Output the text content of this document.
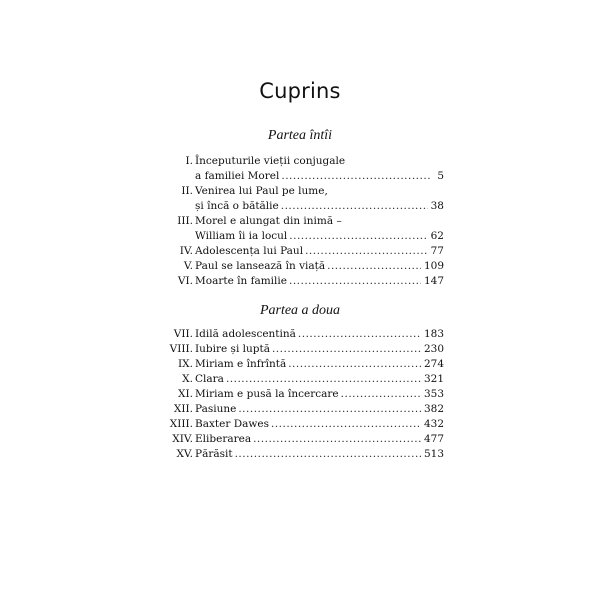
Cuprins
Partea întîi
I. Începuturile vieții conjugale
a familiei Morel .....	5
II. Venirea lui Paul pe lume,
și încă o bătălie .....	38
III. Morel e alungat din inimă –
William îi ia locul .....	62
IV. Adolescența lui Paul .....	77
V. Paul se lansează în viață .....	109
VI. Moarte în familie .....	147
Partea a doua
VII. Idilă adolescentină .....	183
VIII. Iubire și luptă .....	230
IX. Miriam e înfrîntă .....	274
X. Clara .....	321
XI. Miriam e pusă la încercare .....	353
XII. Pasiune .....	382
XIII. Baxter Dawes .....	432
XIV. Eliberarea .....	477
XV. Părăsit .....	513
